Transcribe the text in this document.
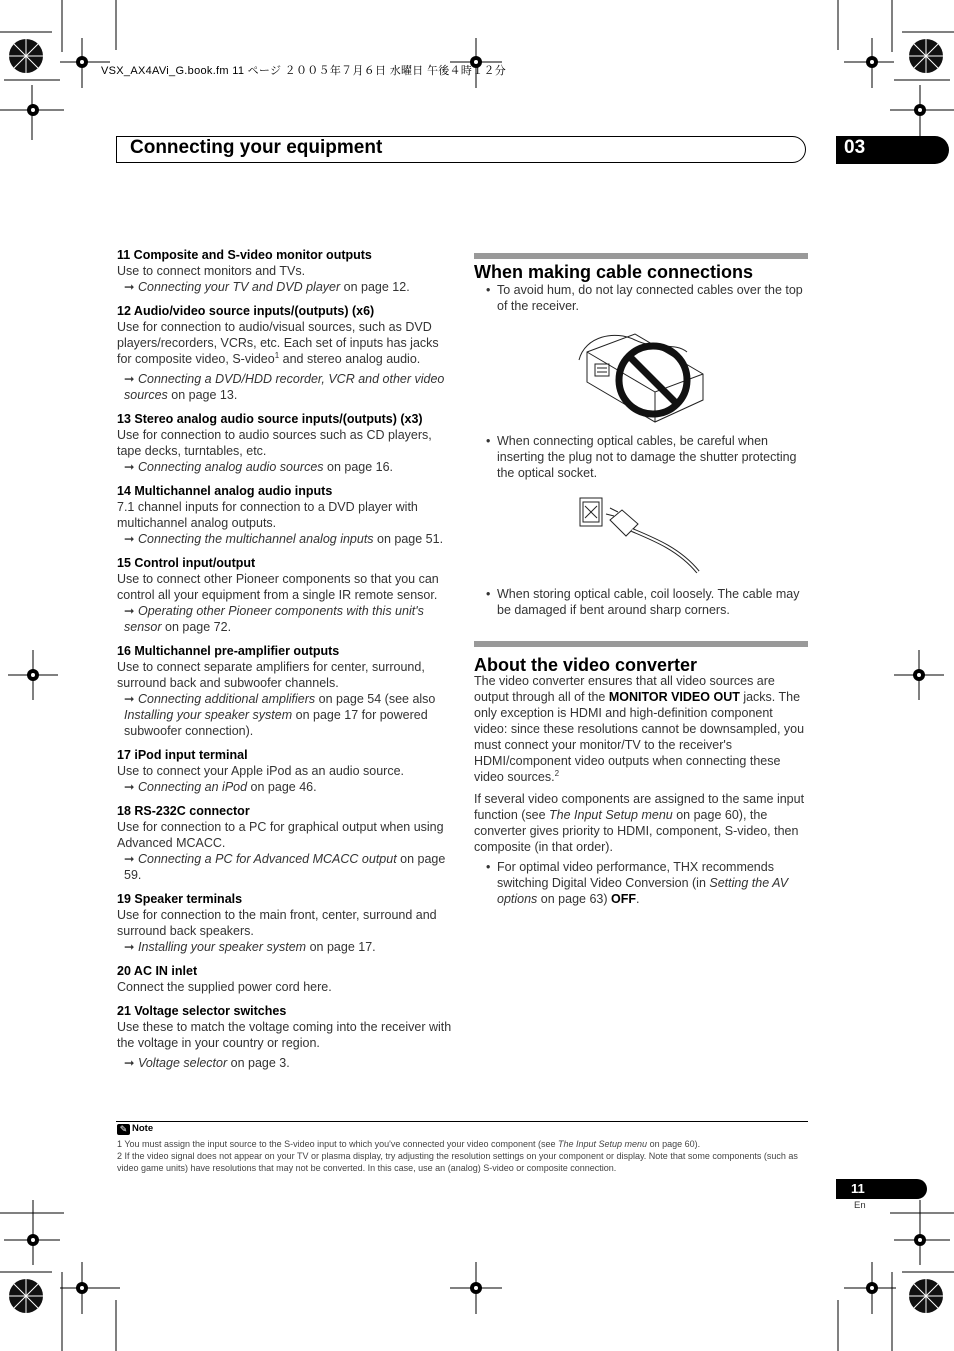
VSX_AX4AVi_G.book.fm 11 ページ ２００５年７月６日 水曜日 午後４時１２分
Connecting your equipment	03
11 Composite and S-video monitor outputs
Use to connect monitors and TVs.
➞ Connecting your TV and DVD player on page 12.
12 Audio/video source inputs/(outputs) (x6)
Use for connection to audio/visual sources, such as DVD players/recorders, VCRs, etc. Each set of inputs has jacks for composite video, S-video$^1$ and stereo analog audio.
➞ Connecting a DVD/HDD recorder, VCR and other video sources on page 13.
13 Stereo analog audio source inputs/(outputs) (x3)
Use for connection to audio sources such as CD players, tape decks, turntables, etc.
➞ Connecting analog audio sources on page 16.
14 Multichannel analog audio inputs
7.1 channel inputs for connection to a DVD player with multichannel analog outputs.
➞ Connecting the multichannel analog inputs on page 51.
15 Control input/output
Use to connect other Pioneer components so that you can control all your equipment from a single IR remote sensor.
➞ Operating other Pioneer components with this unit's sensor on page 72.
16 Multichannel pre-amplifier outputs
Use to connect separate amplifiers for center, surround, surround back and subwoofer channels.
➞ Connecting additional amplifiers on page 54 (see also Installing your speaker system on page 17 for powered subwoofer connection).
17 iPod input terminal
Use to connect your Apple iPod as an audio source.
➞ Connecting an iPod on page 46.
18 RS-232C connector
Use for connection to a PC for graphical output when using Advanced MCACC.
➞ Connecting a PC for Advanced MCACC output on page 59.
19 Speaker terminals
Use for connection to the main front, center, surround and surround back speakers.
➞ Installing your speaker system on page 17.
20 AC IN inlet
Connect the supplied power cord here.
21 Voltage selector switches
Use these to match the voltage coming into the receiver with the voltage in your country or region.
➞ Voltage selector on page 3.
When making cable connections
• To avoid hum, do not lay connected cables over the top of the receiver.
• When connecting optical cables, be careful when inserting the plug not to damage the shutter protecting the optical socket.
• When storing optical cable, coil loosely. The cable may be damaged if bent around sharp corners.
About the video converter
The video converter ensures that all video sources are output through all of the MONITOR VIDEO OUT jacks. The only exception is HDMI and high-definition component video: since these resolutions cannot be downsampled, you must connect your monitor/TV to the receiver's HDMI/component video outputs when connecting these video sources.$^2$
If several video components are assigned to the same input function (see The Input Setup menu on page 60), the converter gives priority to HDMI, component, S-video, then composite (in that order).
• For optimal video performance, THX recommends switching Digital Video Conversion (in Setting the AV options on page 63) OFF.
✎ Note
1 You must assign the input source to the S-video input to which you've connected your video component (see The Input Setup menu on page 60).
2 If the video signal does not appear on your TV or plasma display, try adjusting the resolution settings on your component or display. Note that some components (such as video game units) have resolutions that may not be converted. In this case, use an (analog) S-video or composite connection.
11
En
